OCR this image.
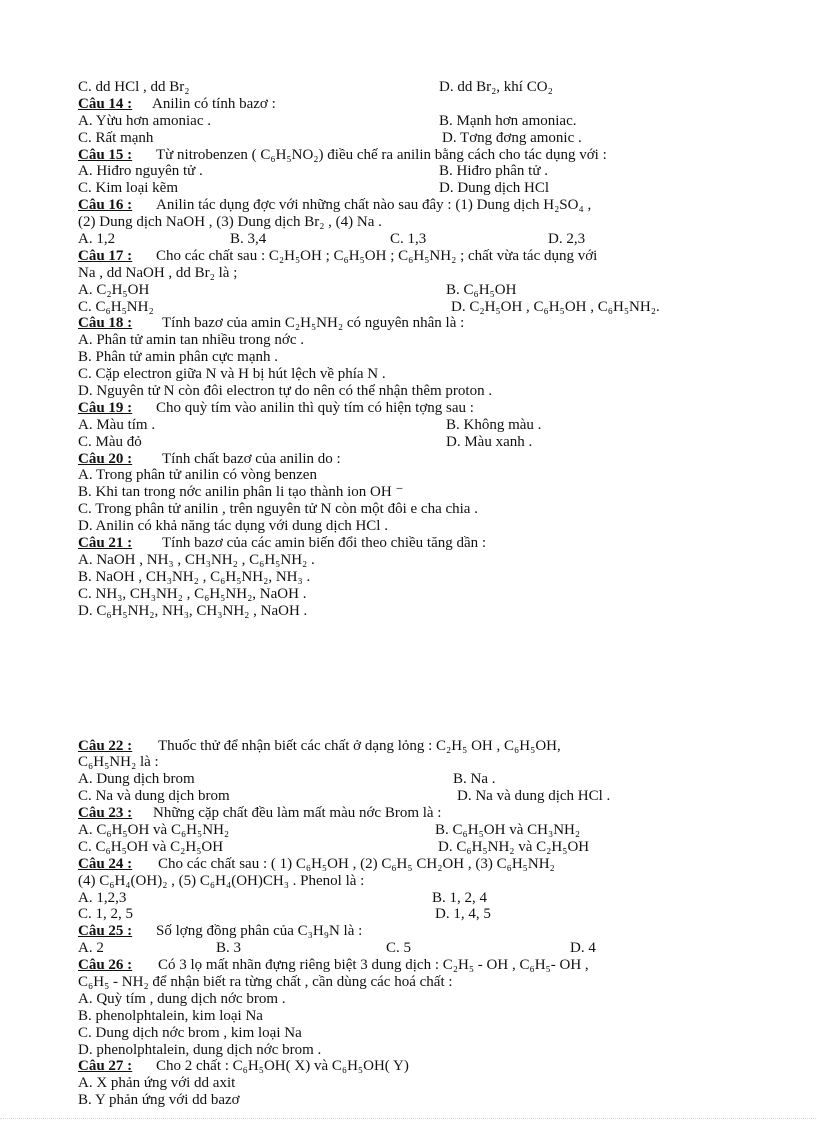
C. dd HCl , dd Br₂	D. dd Br₂, khí CO₂
Câu 14 : Anilin có tính bazơ :
A. Yừu hơn amoniac .	B. Mạnh hơn amoniac.
C. Rất mạnh	D. Tơng đơng amonic .
Câu 15 : Từ nitrobenzen ( C₆H₅NO₂) điều chế ra anilin bằng cách cho tác dụng với :
A. Hiđro nguyên tử .	B. Hiđro phân tử .
C. Kim loại kẽm	D. Dung dịch HCl
Câu 16 : Anilin tác dụng đợc với những chất nào sau đây : (1) Dung dịch H₂SO₄ ,
(2) Dung dịch NaOH , (3) Dung dịch Br₂ , (4) Na .
A. 1,2	B. 3,4	C. 1,3	D. 2,3
Câu 17 : Cho các chất sau : C₂H₅OH ; C₆H₅OH ; C₆H₅NH₂ ; chất vừa tác dụng với
Na , dd NaOH , dd Br₂ là ;
A. C₂H₅OH	B. C₆H₅OH
C. C₆H₅NH₂	D. C₂H₅OH , C₆H₅OH , C₆H₅NH₂.
Câu 18 : Tính bazơ của amin C₂H₅NH₂ có nguyên nhân là :
A. Phân tử amin tan nhiều trong nớc .
B. Phân tử amin phân cực mạnh .
C. Cặp electron giữa N và H bị hút lệch về phía N .
D. Nguyên tử N còn đôi electron tự do nên có thể nhận thêm proton .
Câu 19 : Cho quỳ tím vào anilin thì quỳ tím có hiện tợng sau :
A. Màu tím .	B. Không màu .
C. Màu đỏ	D. Màu xanh .
Câu 20 : Tính chất bazơ của anilin do :
A. Trong phân tử anilin có vòng benzen
B. Khi tan trong nớc anilin phân li tạo thành ion OH ⁻
C. Trong phân tử anilin , trên nguyên tử N còn một đôi e cha chia .
D. Anilin có khả năng tác dụng với dung dịch HCl .
Câu 21 : Tính bazơ của các amin biến đổi theo chiều tăng dần :
A. NaOH , NH₃ , CH₃NH₂ , C₆H₅NH₂ .
B. NaOH , CH₃NH₂ , C₆H₅NH₂, NH₃ .
C. NH₃, CH₃NH₂ , C₆H₅NH₂, NaOH .
D. C₆H₅NH₂, NH₃, CH₃NH₂ , NaOH .
Câu 22 : Thuốc thử để nhận biết các chất ở dạng lỏng : C₂H₅ OH , C₆H₅OH,
C₆H₅NH₂ là :
A. Dung dịch brom	B. Na .
C. Na và dung dịch brom	D. Na và dung dịch HCl .
Câu 23 : Những cặp chất đều làm mất màu nớc Brom là :
A. C₆H₅OH và C₆H₅NH₂	B. C₆H₅OH và CH₃NH₂
C. C₆H₅OH và C₂H₅OH	D. C₆H₅NH₂ và C₂H₅OH
Câu 24 : Cho các chất sau : ( 1) C₆H₅OH , (2) C₆H₅ CH₂OH , (3) C₆H₅NH₂
(4) C₆H₄(OH)₂ , (5) C₆H₄(OH)CH₃ . Phenol là :
A. 1,2,3	B. 1, 2, 4
C. 1, 2, 5	D. 1, 4, 5
Câu 25 : Số lợng đồng phân của C₃H₉N là :
A. 2	B. 3	C. 5	D. 4
Câu 26 : Có 3 lọ mất nhãn đựng riêng biệt 3 dung dịch : C₂H₅ - OH , C₆H₅- OH ,
C₆H₅ - NH₂ để nhận biết ra từng chất , cần dùng các hoá chất :
A. Quỳ tím , dung dịch nớc brom .
B. phenolphtalein, kim loại Na
C. Dung dịch nớc brom , kim loại Na
D. phenolphtalein, dung dịch nớc brom .
Câu 27 : Cho 2 chất : C₆H₅OH( X) và C₆H₅OH( Y)
A. X phản ứng với dd axit
B. Y phản ứng với dd bazơ
